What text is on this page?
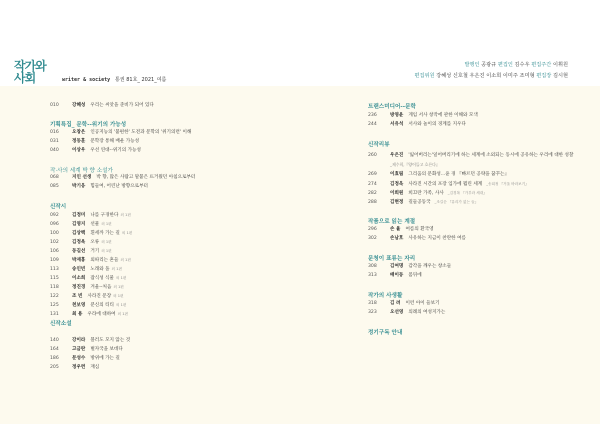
작가와
사회	writer & society 통권 81호_ 2021_여름
발행인 공광규 편집인 김수우 편집주간 이휘원
편집위원 강혜성 신호철 우은진 이소희 이미주 조미형 편집장 김시현
010	강혜성 우리는 씨앗을 준비가 되어 있다
기획특집_ 문학--위기의 가능성
016	오창은 인공지능의 '불편한' 도전과 문학의 '위기의련' 이해
031	정동훈 문학장 통해 배운 가능성
040	이상우 우선 연대--위기의 가능성
작·사의 세계 박 향 소설가
068	지인 선생 박 향, 많은 사람고 말불은 뜨거웠던 아침으로부터
085	박기웅 힘들여, 어린난 방향으로부터
신작시
092	김정미 나를 구경한다 외 1편
096	김영지 선물 외 1편
100	김상백 흰세까 가는 길 외 1편
102	김정옥 오류 외 1편
106	동길선 거기 외 1편
109	박재홍 외따리는 흔들 외 1편
113	송인빈 노래와 돌 외 1편
115	이소희 잡식성 식물 외 1편
118	정진경 겨울--처음 외 1편
122	조 빈 사라진 문장 외 1편
125	천보영 분신의 티티 외 1편
131	최 용 우라에 대하여 외 1편
신작소설
140	강이라 블러도 모지 않는 것
164	고금란 벌자국을 보데다
186	문성수 방위에 가는 길
205	정우련 재심
트랜스미디어--문학
236	방영윤 게임 서사 창작에 관한 이해와 모색
244	서유석 서사와 놀이의 경계를 지우다
신작리뷰
260	우은진 '잃어버리는'일어버리기에 하는 세계에 소외되는 동시에 공유하는 우리에 대한 성찰
_제수희,『양어들고 흐른다』
269	이효림 그리움의 문화성...윤 경 『빠르던 공략을 꿈꾸는』
274	김정욱 사라진 시간의 포장 입가에 뭘린 세계 _송희정 『거울 바라보기』
282	이희원 희끄란 가족, 사사 _김경복 『가부라 세대』
288	김현정 길들공동국 _조길순 『유리가 없는 들』
작품으로 읽는 계절
296	손 율 여름의 환국영
302	손남호 사유하는 지금이 찬란한 여름
문청이 표류는 자리
308	김여명 감각을 깨우는 창소들
313	배이동 몸뒤에
작가의 사생활
318	김 려 이런 아이 들보기
323	오선영 의례의 여성지가는
정기구독 안내
